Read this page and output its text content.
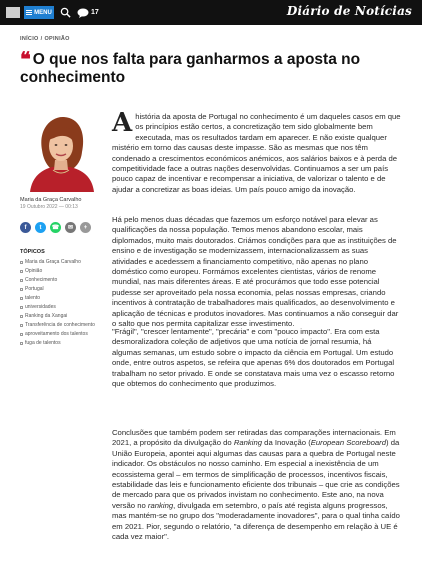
MENU	17	Diário de Notícias
INÍCIO / OPINIÃO
❝ O que nos falta para ganharmos a aposta no conhecimento
Maria da Graça Carvalho
19 Outubro 2022 — 00:13
f t ☎ ✉ +
TÓPICOS
Maria da Graça Carvalho
Opinião
Conhecimento
Portugal
talento
universidades
Ranking da Xangai
Transferência de conhecimento
aproveitamento dos talentos
fuga de talentos

Ahistória da aposta de Portugal no conhecimento é um daqueles casos em que os princípios estão certos, a concretização tem sido globalmente bem executada, mas os resultados tardam em aparecer. E não existe qualquer mistério em torno das causas deste impasse. São as mesmas que nos têm condenado a crescimentos económicos anémicos, aos salários baixos e à perda de competitividade face a outras nações desenvolvidas. Continuamos a ser um país pouco capaz de incentivar e recompensar a iniciativa, de valorizar o talento e de ajudar a concretizar as boas ideias. Um país pouco amigo da inovação.

Há pelo menos duas décadas que fazemos um esforço notável para elevar as qualificações da nossa população. Temos menos abandono escolar, mais diplomados, muito mais doutorados. Criámos condições para que as instituições de ensino e de investigação se modernizassem, internacionalizassem as suas atividades e acedessem a financiamento competitivo, não apenas no plano doméstico como europeu. Formámos excelentes cientistas, vários de renome mundial, nas mais diferentes áreas. E até procurámos que todo esse potencial pudesse ser aproveitado pela nossa economia, pelas nossas empresas, criando incentivos à contratação de trabalhadores mais qualificados, ao desenvolvimento e aplicação de técnicas e produtos inovadores. Mas continuamos a não conseguir dar o salto que nos permita capitalizar esse investimento.
"Frágil", "crescer lentamente", "precária" e com "pouco impacto". Era com esta desmoralizadora coleção de adjetivos que uma notícia de jornal resumia, há algumas semanas, um estudo sobre o impacto da ciência em Portugal. Um estudo onde, entre outros aspetos, se refeira que apenas 6% dos doutorados em Portugal trabalham no setor privado. E onde se constatava mais uma vez o escasso retorno que obtemos do conhecimento que produzimos.
Conclusões que também podem ser retiradas das comparações internacionais. Em 2021, a propósito da divulgação do Ranking da Inovação (European Scoreboard) da União Europeia, apontei aqui algumas das causas para a quebra de Portugal neste indicador. Os obstáculos no nosso caminho. Em especial a inexistência de um ecossistema geral – em termos de simplificação de processos, incentivos fiscais, estabilidade das leis e funcionamento eficiente dos tribunais – que crie as condições de mercado para que os privados invistam no conhecimento. Este ano, na nova versão no ranking, divulgada em setembro, o país até regista alguns progressos, mas mantém-se no grupo dos "moderadamente inovadores", para o qual tinha caído em 2021. Pior, segundo o relatório, "a diferença de desempenho em relação à UE é cada vez maior".
